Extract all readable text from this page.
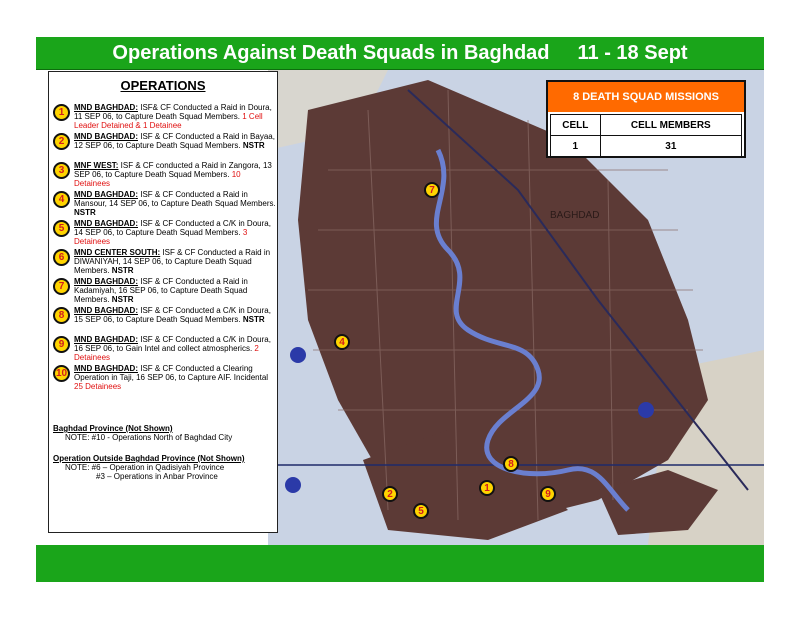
Operations Against Death Squads in Baghdad 11 - 18 Sept
BAGHDAD
7
4
8
2
1
9
5
8 DEATH SQUAD MISSIONS
CELL	CELL MEMBERS
1	31
OPERATIONS
1	MND BAGHDAD: ISF& CF Conducted a Raid in Doura, 11 SEP 06, to Capture Death Squad Members. 1 Cell Leader Detained & 1 Detainee
2	MND BAGHDAD: ISF & CF Conducted a Raid in Bayaa, 12 SEP 06, to Capture Death Squad Members. NSTR
3	MNF WEST: ISF & CF conducted a Raid in Zangora, 13 SEP 06, to Capture Death Squad Members. 10 Detainees
4	MND BAGHDAD: ISF & CF Conducted a Raid in Mansour, 14 SEP 06, to Capture Death Squad Members. NSTR
5	MND BAGHDAD: ISF & CF Conducted a C/K in Doura, 14 SEP 06, to Capture Death Squad Members. 3 Detainees
6	MND CENTER SOUTH: ISF & CF Conducted a Raid in DIWANIYAH, 14 SEP 06, to Capture Death Squad Members. NSTR
7	MND BAGHDAD: ISF & CF Conducted a Raid in Kadamiyah, 16 SEP 06, to Capture Death Squad Members. NSTR
8	MND BAGHDAD: ISF & CF Conducted a C/K in Doura, 15 SEP 06, to Capture Death Squad Members. NSTR
9	MND BAGHDAD: ISF & CF Conducted a C/K in Doura, 16 SEP 06, to Gain Intel and collect atmospherics. 2 Detainees
10 MND BAGHDAD: ISF & CF Conducted a Clearing Operation in Taji, 16 SEP 06, to Capture AIF. Incidental 25 Detainees
Baghdad Province (Not Shown)
NOTE: #10 - Operations North of Baghdad City
Operation Outside Baghdad Province (Not Shown)
NOTE: #6 – Operation in Qadisiyah Province
#3 – Operations in Anbar Province
